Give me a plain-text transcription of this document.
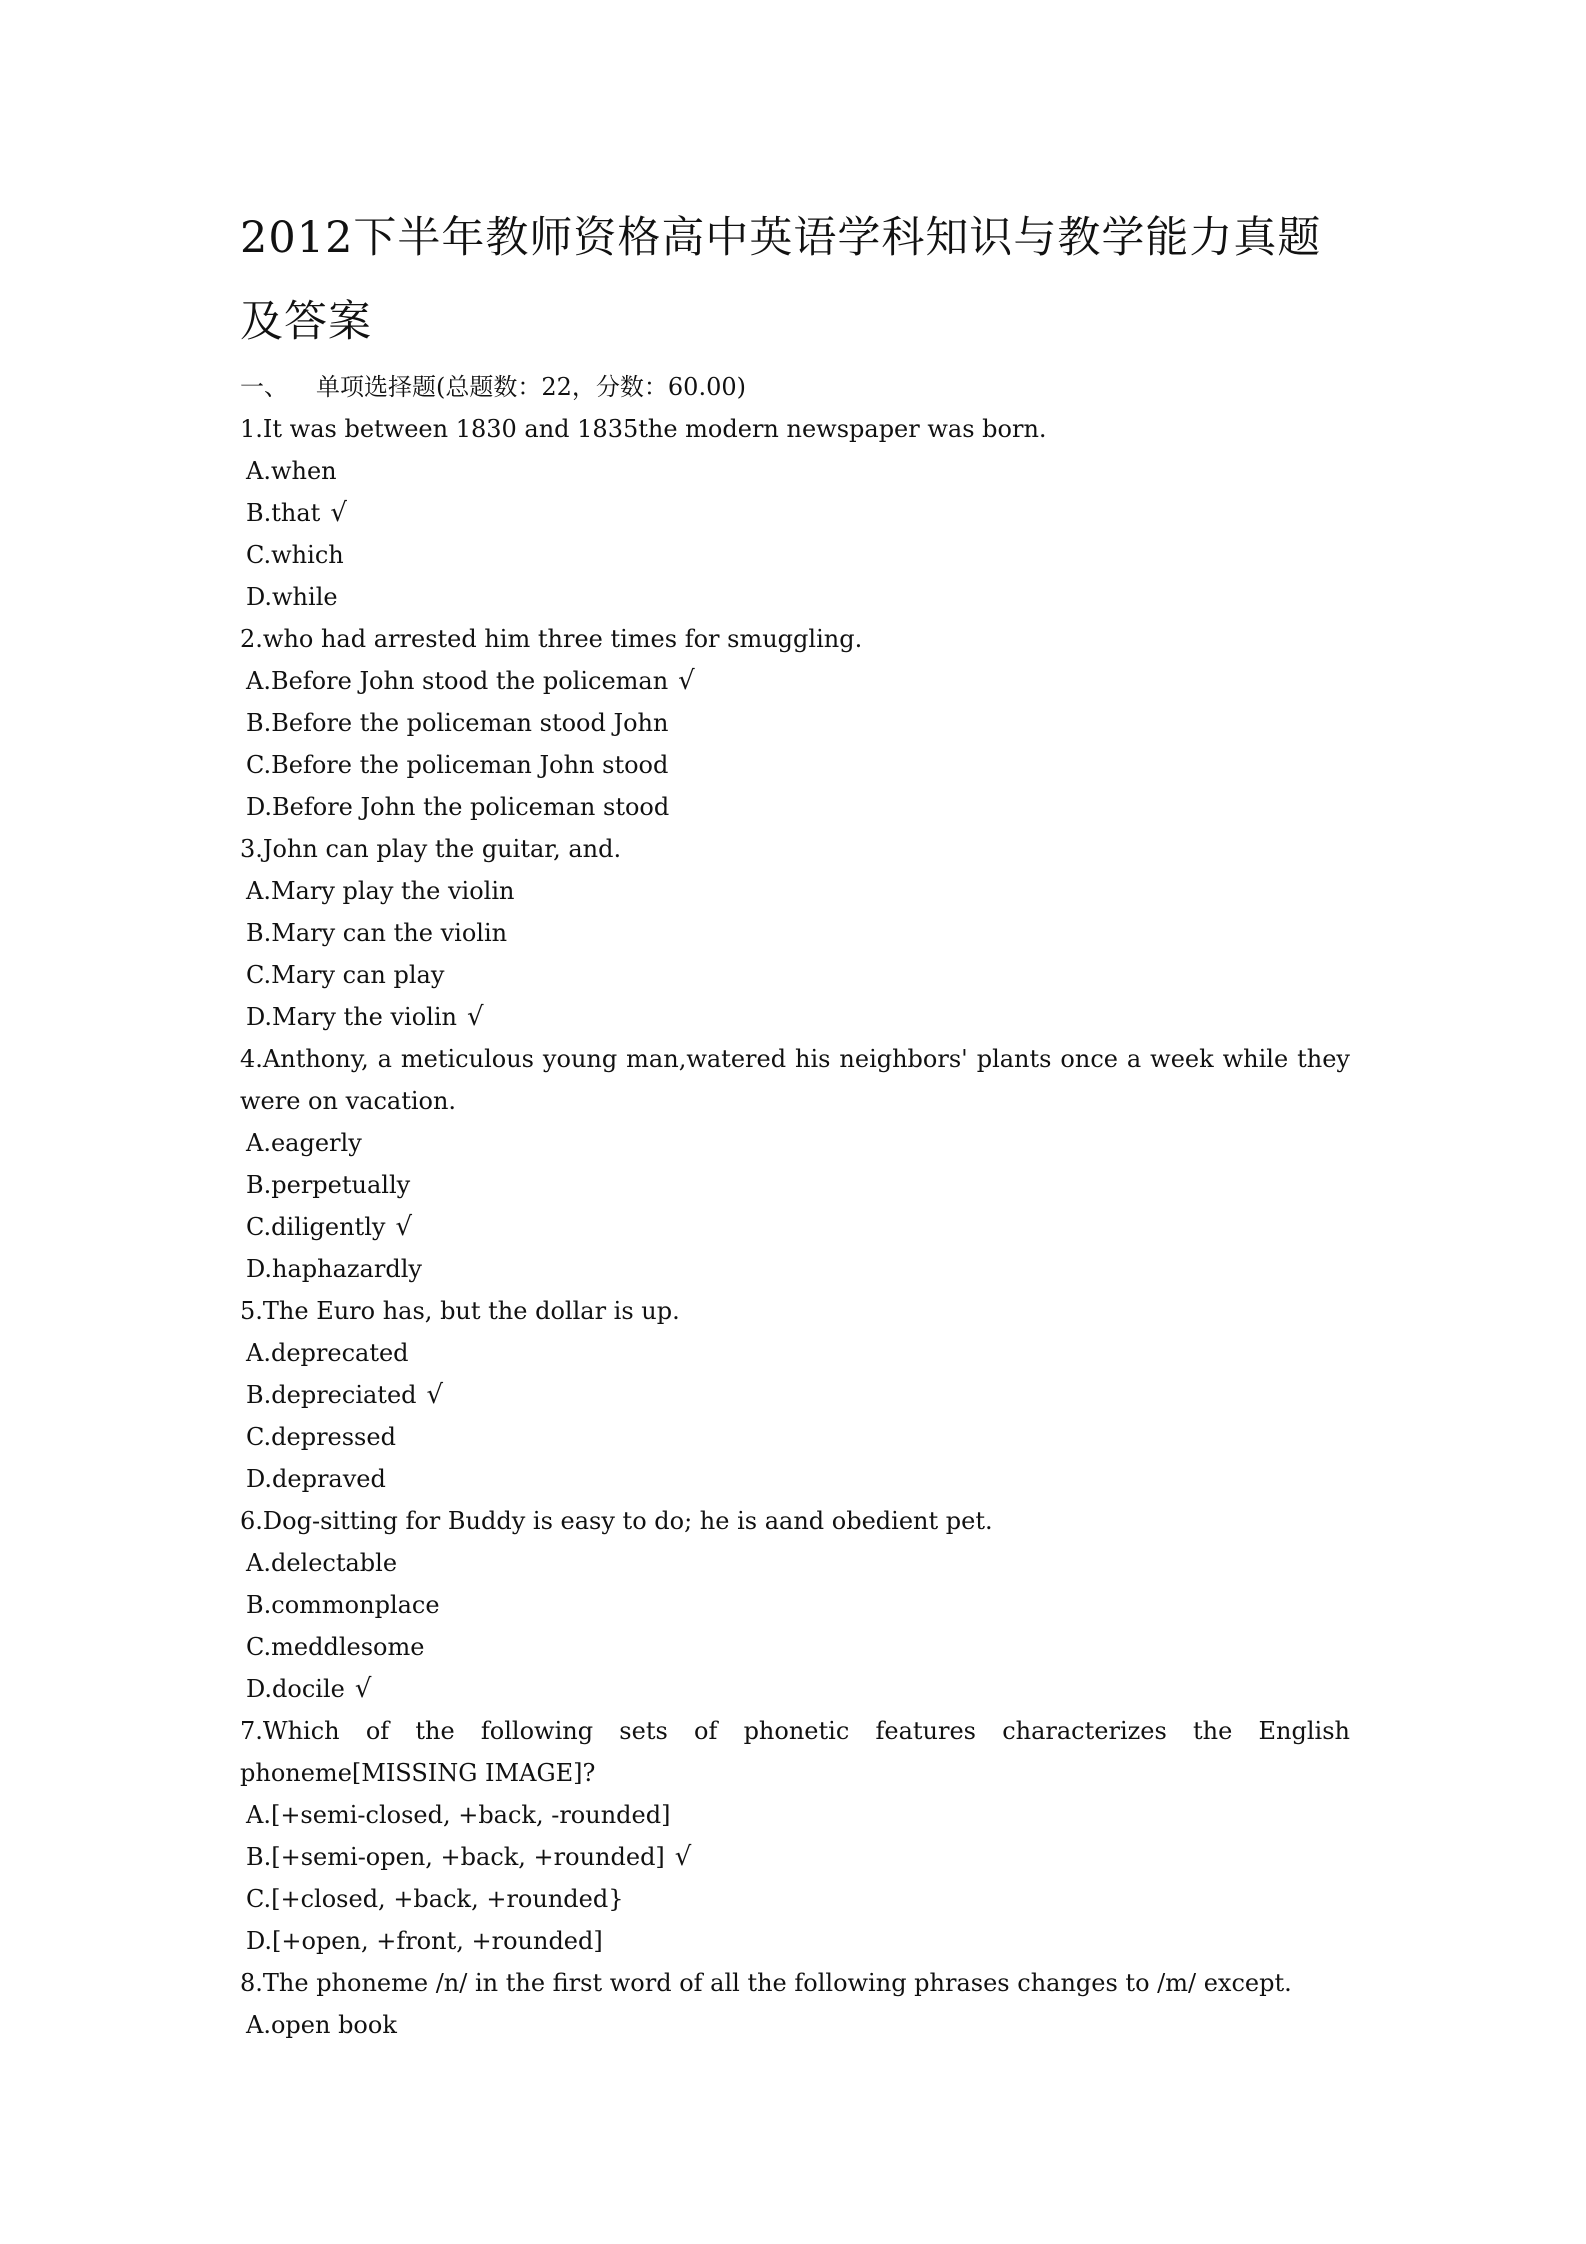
2012下半年教师资格高中英语学科知识与教学能力真题及答案
一、 单项选择题(总题数：22，分数：60.00)
1.It was between 1830 and 1835the modern newspaper was born.
A.when
B.that √
C.which
D.while
2.who had arrested him three times for smuggling.
A.Before John stood the policeman √
B.Before the policeman stood John
C.Before the policeman John stood
D.Before John the policeman stood
3.John can play the guitar, and.
A.Mary play the violin
B.Mary can the violin
C.Mary can play
D.Mary the violin √
4.Anthony, a meticulous young man,watered his neighbors' plants once a week while they were on vacation.
A.eagerly
B.perpetually
C.diligently √
D.haphazardly
5.The Euro has, but the dollar is up.
A.deprecated
B.depreciated √
C.depressed
D.depraved
6.Dog-sitting for Buddy is easy to do; he is aand obedient pet.
A.delectable
B.commonplace
C.meddlesome
D.docile √
7.Which of the following sets of phonetic features characterizes the English phoneme[MISSING IMAGE]?
A.[+semi-closed, +back, -rounded]
B.[+semi-open, +back, +rounded] √
C.[+closed, +back, +rounded}
D.[+open, +front, +rounded]
8.The phoneme /n/ in the first word of all the following phrases changes to /m/ except.
A.open book
